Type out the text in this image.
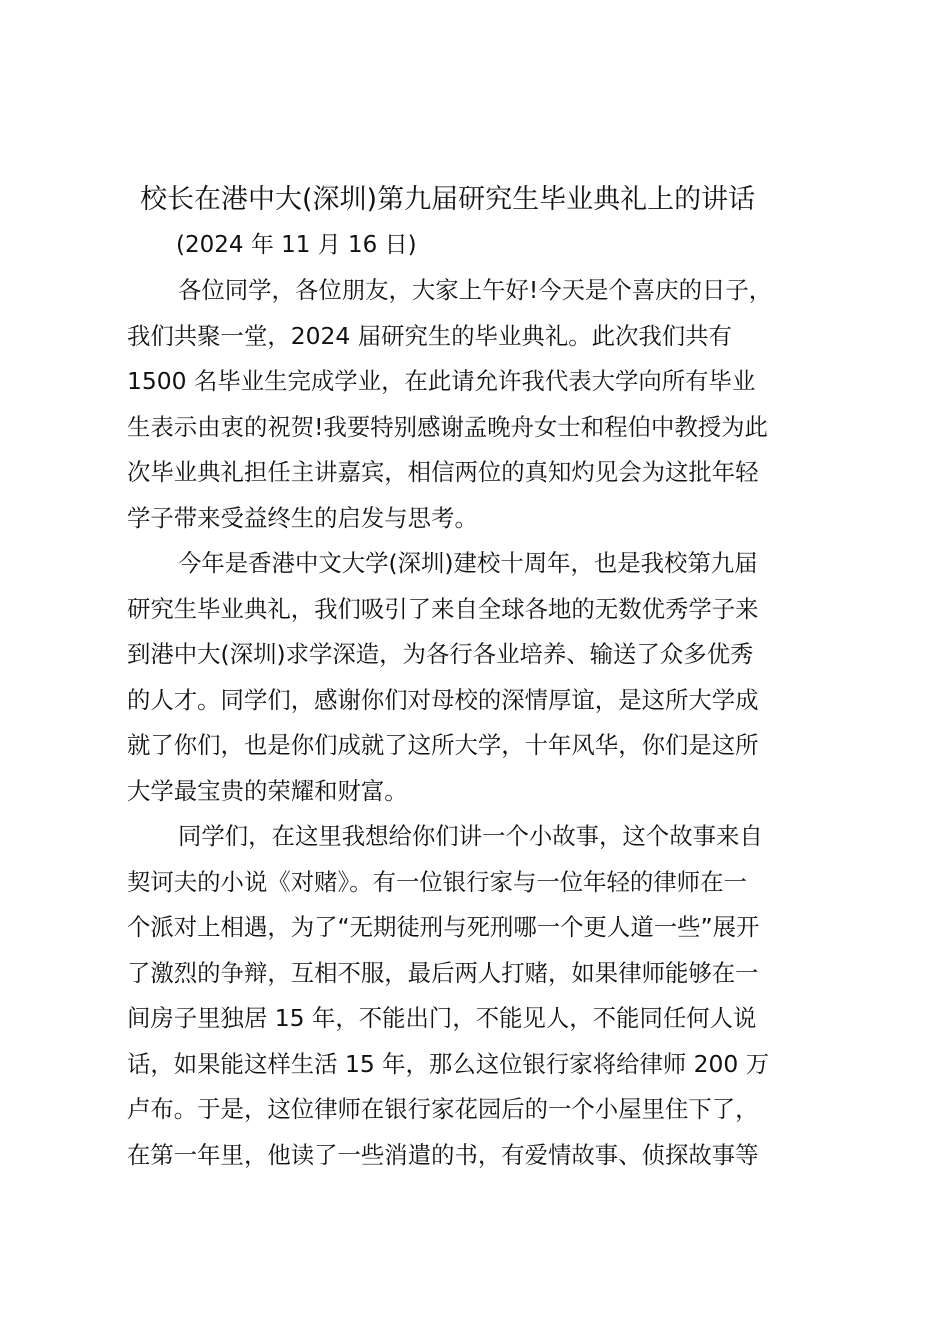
校长在港中大(深圳)第九届研究生毕业典礼上的讲话
(2024 年 11 月 16 日)
各位同学，各位朋友，大家上午好!今天是个喜庆的日子，
我们共聚一堂，2024 届研究生的毕业典礼。此次我们共有
1500 名毕业生完成学业，在此请允许我代表大学向所有毕业
生表示由衷的祝贺!我要特别感谢孟晚舟女士和程伯中教授为此
次毕业典礼担任主讲嘉宾，相信两位的真知灼见会为这批年轻
学子带来受益终生的启发与思考。
今年是香港中文大学(深圳)建校十周年，也是我校第九届
研究生毕业典礼，我们吸引了来自全球各地的无数优秀学子来
到港中大(深圳)求学深造，为各行各业培养、输送了众多优秀
的人才。同学们，感谢你们对母校的深情厚谊，是这所大学成
就了你们，也是你们成就了这所大学，十年风华，你们是这所
大学最宝贵的荣耀和财富。
同学们，在这里我想给你们讲一个小故事，这个故事来自
契诃夫的小说《对赌》。有一位银行家与一位年轻的律师在一
个派对上相遇，为了“无期徒刑与死刑哪一个更人道一些”展开
了激烈的争辩，互相不服，最后两人打赌，如果律师能够在一
间房子里独居 15 年，不能出门，不能见人，不能同任何人说
话，如果能这样生活 15 年，那么这位银行家将给律师 200 万
卢布。于是，这位律师在银行家花园后的一个小屋里住下了，
在第一年里，他读了一些消遣的书，有爱情故事、侦探故事等
